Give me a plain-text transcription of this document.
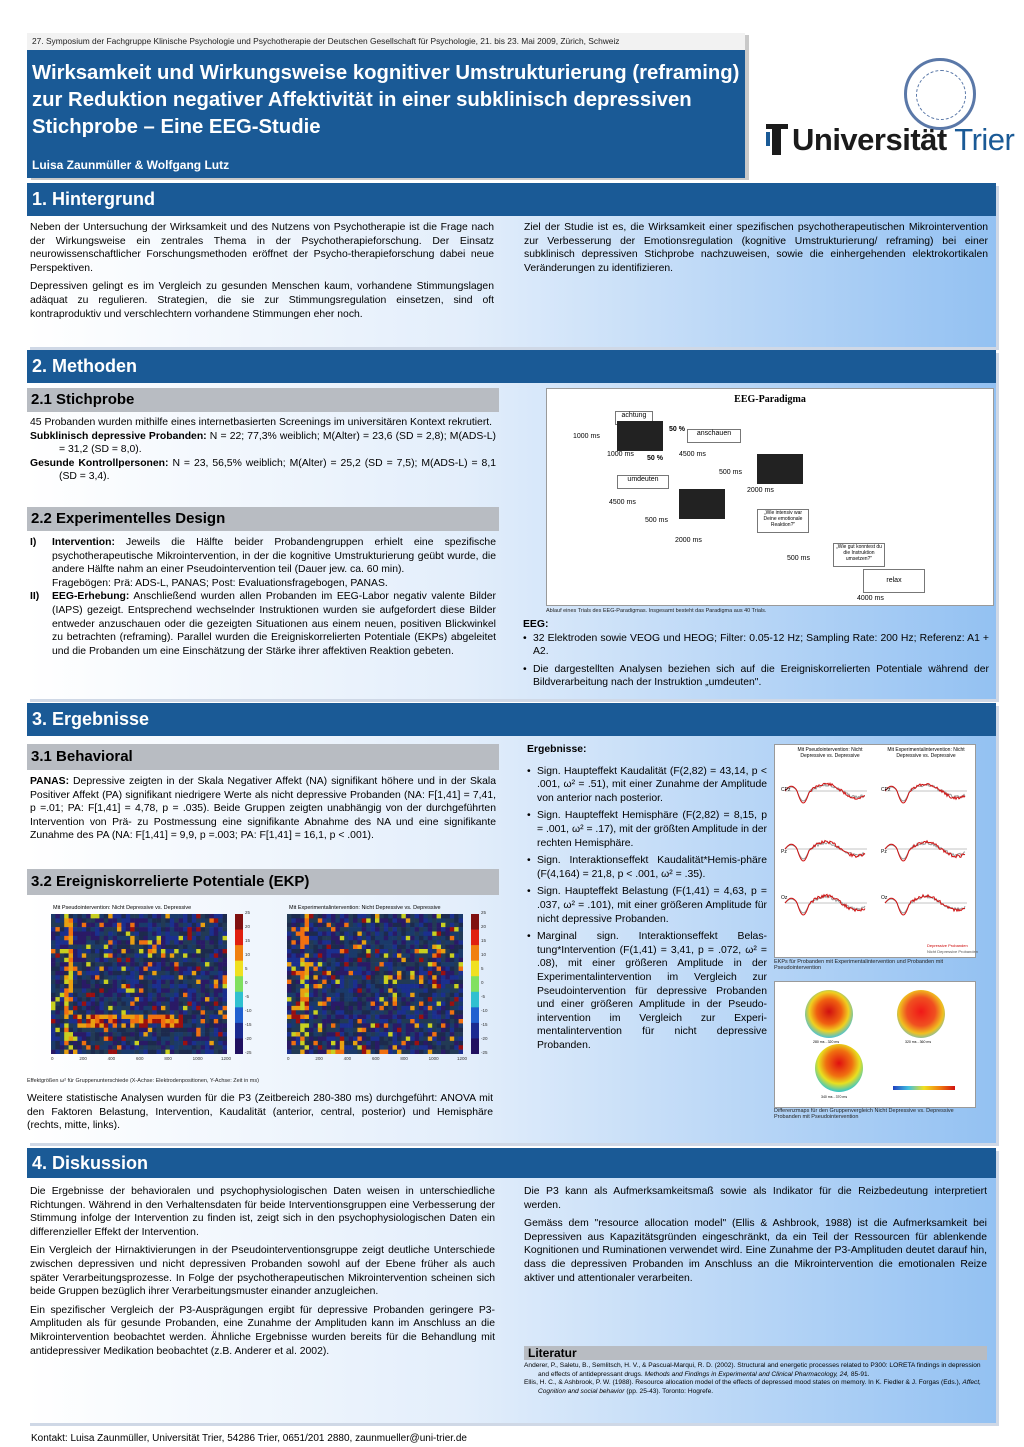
27. Symposium der Fachgruppe Klinische Psychologie und Psychotherapie der Deutschen Gesellschaft für Psychologie, 21. bis 23. Mai 2009, Zürich, Schweiz
Wirksamkeit und Wirkungsweise kognitiver Umstrukturierung (reframing) zur Reduktion negativer Affektivität in einer subklinisch depressiven Stichprobe – Eine EEG-Studie
Luisa Zaunmüller & Wolfgang Lutz
Universität Trier
1. Hintergrund

Neben der Untersuchung der Wirksamkeit und des Nutzens von Psychotherapie ist die Frage nach der Wirkungsweise ein zentrales Thema in der Psychotherapieforschung. Der Einsatz neurowissenschaftlicher Forschungsmethoden eröffnet der Psycho-therapieforschung dabei neue Perspektiven.

Depressiven gelingt es im Vergleich zu gesunden Menschen kaum, vorhandene Stimmungslagen adäquat zu regulieren. Strategien, die sie zur Stimmungsregulation einsetzen, sind oft kontraproduktiv und verschlechtern vorhandene Stimmungen eher noch.

Ziel der Studie ist es, die Wirksamkeit einer spezifischen psychotherapeutischen Mikrointervention zur Verbesserung der Emotionsregulation (kognitive Umstrukturierung/ reframing) bei einer subklinisch depressiven Stichprobe nachzuweisen, sowie die einhergehenden elektrokortikalen Veränderungen zu identifizieren.

2. Methoden
2.1 Stichprobe

45 Probanden wurden mithilfe eines internetbasierten Screenings im universitären Kontext rekrutiert.

Subklinisch depressive Probanden: N = 22; 77,3% weiblich; M(Alter) = 23,6 (SD = 2,8); M(ADS-L) = 31,2 (SD = 8,0).

Gesunde Kontrollpersonen: N = 23, 56,5% weiblich; M(Alter) = 25,2 (SD = 7,5); M(ADS-L) = 8,1 (SD = 3,4).

2.2 Experimentelles Design
I) Intervention: Jeweils die Hälfte beider Probandengruppen erhielt eine spezifische psychotherapeutische Mikrointervention, in der die kognitive Umstrukturierung geübt wurde, die andere Hälfte nahm an einer Pseudointervention teil (Dauer jew. ca. 60 min).
Fragebögen: Prä: ADS-L, PANAS; Post: Evaluationsfragebogen, PANAS.
II) EEG-Erhebung: Anschließend wurden allen Probanden im EEG-Labor negativ valente Bilder (IAPS) gezeigt. Entsprechend wechselnder Instruktionen wurden sie aufgefordert diese Bilder entweder anzuschauen oder die gezeigten Situationen aus einem neuen, positiven Blickwinkel zu betrachten (reframing). Parallel wurden die Ereigniskorrelierten Potentiale (EKPs) abgeleitet und die Probanden um eine Einschätzung der Stärke ihrer affektiven Reaktion gebeten.
EEG-Paradigma
achtung
1000 ms
50 %
anschauen
1000 ms
50 %
4500 ms
500 ms
umdeuten
2000 ms
4500 ms
„Wie intensiv war Deine emotionale Reaktion?"
500 ms
2000 ms
„Wie gut konntest du die Instruktion umsetzen?"
500 ms
relax
4000 ms
Ablauf eines Trials des EEG-Paradigmas. Insgesamt besteht das Paradigma aus 40 Trials.
EEG:
• 32 Elektroden sowie VEOG und HEOG; Filter: 0.05-12 Hz; Sampling Rate: 200 Hz; Referenz: A1 + A2.
• Die dargestellten Analysen beziehen sich auf die Ereigniskorrelierten Potentiale während der Bildverarbeitung nach der Instruktion „umdeuten".
3. Ergebnisse
3.1 Behavioral

PANAS: Depressive zeigten in der Skala Negativer Affekt (NA) signifikant höhere und in der Skala Positiver Affekt (PA) signifikant niedrigere Werte als nicht depressive Probanden (NA: F[1,41] = 7,41, p =.01; PA: F[1,41] = 4,78, p = .035). Beide Gruppen zeigten unabhängig von der durchgeführten Intervention von Prä- zu Postmessung eine signifikante Abnahme des NA und eine signifikante Zunahme des PA (NA: F[1,41] = 9,9, p =.003; PA: F[1,41] = 16,1, p < .001).

3.2 Ereigniskorrelierte Potentiale (EKP)
Mit Pseudointervention: Nicht Depressive vs. Depressive	Mit Experimentalintervention: Nicht Depressive vs. Depressive
25
20
15
10
5
0
-5
-10
-15
-20
-25
25
20
15
10
5
0
-5
-10
-15
-20
-25
0	200	400	600	800	1000	1200	0	200	400	600	800	1000	1200
Effektgrößen ω² für Gruppenunterschiede (X-Achse: Elektrodenpositionen, Y-Achse: Zeit in ms)

Weitere statistische Analysen wurden für die P3 (Zeitbereich 280-380 ms) durchgeführt: ANOVA mit den Faktoren Belastung, Intervention, Kaudalität (anterior, central, posterior) und Hemisphäre (rechts, mitte, links).

Ergebnisse:
• Sign. Haupteffekt Kaudalität (F(2,82) = 43,14, p < .001, ω² = .51), mit einer Zunahme der Amplitude von anterior nach posterior.
• Sign. Haupteffekt Hemisphäre (F(2,82) = 8,15, p = .001, ω² = .17), mit der größten Amplitude in der rechten Hemisphäre.
• Sign. Interaktionseffekt Kaudalität*Hemis-phäre (F(4,164) = 21,8, p < .001, ω² = .35).
• Sign. Haupteffekt Belastung (F(1,41) = 4,63, p = .037, ω² = .101), mit einer größeren Amplitude für nicht depressive Probanden.
• Marginal sign. Interaktionseffekt Belas-tung*Intervention (F(1,41) = 3,41, p = .072, ω² = .08), mit einer größeren Amplitude in der Experimentalintervention im Vergleich zur Pseudointervention für depressive Probanden und einer größeren Amplitude in der Pseudo-intervention im Vergleich zur Experi-mentalintervention für nicht depressive Probanden.
Mit Pseudointervention: Nicht Depressive vs. Depressive
Mit Experimentalintervention: Nicht Depressive vs. Depressive
CPz	CPz
Pz	Pz
Oz	Oz
Depressive Probanden
Nicht Depressive Probanden
EKPs für Probanden mit Experimentalintervention und Probanden mit Pseudointervention
280 ms - 320 ms	320 ms - 360 ms
340 ms - 370 ms
Differenzmaps für den Gruppenvergleich Nicht Depressive vs. Depressive Probanden mit Pseudointervention
4. Diskussion

Die Ergebnisse der behavioralen und psychophysiologischen Daten weisen in unterschiedliche Richtungen. Während in den Verhaltensdaten für beide Interventionsgruppen eine Verbesserung der Stimmung infolge der Intervention zu finden ist, zeigt sich in den psychophysiologischen Daten ein differenzieller Effekt der Intervention.

Ein Vergleich der Hirnaktivierungen in der Pseudointerventionsgruppe zeigt deutliche Unterschiede zwischen depressiven und nicht depressiven Probanden sowohl auf der Ebene früher als auch später Verarbeitungsprozesse. In Folge der psychotherapeutischen Mikrointervention scheinen sich beide Gruppen bezüglich ihrer Verarbeitungsmuster einander anzugleichen.

Ein spezifischer Vergleich der P3-Ausprägungen ergibt für depressive Probanden geringere P3-Amplituden als für gesunde Probanden, eine Zunahme der Amplituden kann im Anschluss an die Mikrointervention beobachtet werden. Ähnliche Ergebnisse wurden bereits für die Behandlung mit antidepressiver Medikation beobachtet (z.B. Anderer et al. 2002).

Die P3 kann als Aufmerksamkeitsmaß sowie als Indikator für die Reizbedeutung interpretiert werden.

Gemäss dem "resource allocation model" (Ellis & Ashbrook, 1988) ist die Aufmerksamkeit bei Depressiven aus Kapazitätsgründen eingeschränkt, da ein Teil der Ressourcen für ablenkende Kognitionen und Ruminationen verwendet wird. Eine Zunahme der P3-Amplituden deutet darauf hin, dass die depressiven Probanden im Anschluss an die Mikrointervention die emotionalen Reize aktiver und attentionaler verarbeiten.

Literatur
Anderer, P., Saletu, B., Semlitsch, H. V., & Pascual-Marqui, R. D. (2002). Structural and energetic processes related to P300: LORETA findings in depression and effects of antidepressant drugs. Methods and Findings in Experimental and Clinical Pharmacology, 24, 85-91.
Ellis, H. C., & Ashbrook, P. W. (1988). Resource allocation model of the effects of depressed mood states on memory. In K. Fiedler & J. Forgas (Eds.), Affect, Cognition and social behavior (pp. 25-43). Toronto: Hogrefe.
Kontakt: Luisa Zaunmüller, Universität Trier, 54286 Trier, 0651/201 2880, zaunmueller@uni-trier.de
